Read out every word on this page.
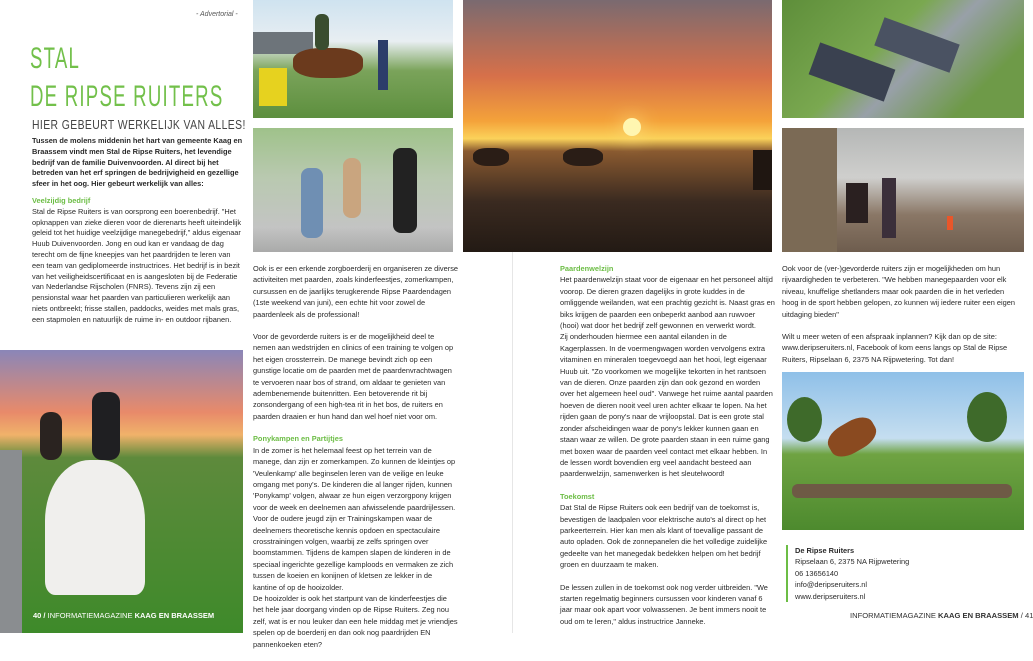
- Advertorial -
STAL
DE RIPSE RUITERS
HIER GEBEURT WERKELIJK VAN ALLES!

Tussen de molens middenin het hart van gemeente Kaag en Braassem vindt men Stal de Ripse Ruiters, het levendige bedrijf van de familie Duivenvoorden. Al direct bij het betreden van het erf springen de bedrijvigheid en gezellige sfeer in het oog. Hier gebeurt werkelijk van alles:

Veelzijdig bedrijf

Stal de Ripse Ruiters is van oorsprong een boerenbedrijf. "Het opknappen van zieke dieren voor de dierenarts heeft uiteindelijk geleid tot het huidige veelzijdige manegebedrijf," aldus eigenaar Huub Duivenvoorden. Jong en oud kan er vandaag de dag terecht om de fijne kneepjes van het paardrijden te leren van een team van gediplomeerde instructrices. Het bedrijf is in bezit van het veiligheidscertificaat en is aangesloten bij de Federatie van Nederlandse Rijscholen (FNRS). Tevens zijn zij een pensionstal waar het paarden van particulieren werkelijk aan niets ontbreekt; frisse stallen, paddocks, weides met mals gras, een stapmolen en natuurlijk de ruime in- en outdoor rijbanen.

Ook is er een erkende zorgboerderij en organiseren ze diverse activiteiten met paarden, zoals kinderfeestjes, zomerkampen, cursussen en de jaarlijks terugkerende Ripse Paardendagen (1ste weekend van juni), een echte hit voor zowel de paardenleek als de professional!

Voor de gevorderde ruiters is er de mogelijkheid deel te nemen aan wedstrijden en clinics of een training te volgen op het eigen crossterrein. De manege bevindt zich op een gunstige locatie om de paarden met de paardenvrachtwagen te vervoeren naar bos of strand, om aldaar te genieten van adembenemende buitenritten. Een betoverende rit bij zonsondergang of een high-tea rit in het bos, de ruiters en paarden draaien er hun hand dan wel hoef niet voor om.

Ponykampen en Partijtjes

In de zomer is het helemaal feest op het terrein van de manege, dan zijn er zomerkampen. Zo kunnen de kleintjes op 'Veulenkamp' alle beginselen leren van de veilige en leuke omgang met pony's. De kinderen die al langer rijden, kunnen 'Ponykamp' volgen, alwaar ze hun eigen verzorgpony krijgen voor de week en deelnemen aan afwisselende paardrijlessen. Voor de oudere jeugd zijn er Trainingskampen waar de deelnemers theoretische kennis opdoen en spectaculaire crosstrainingen volgen, waarbij ze zelfs springen over boomstammen. Tijdens de kampen slapen de kinderen in de speciaal ingerichte gezellige kamploods en vermaken ze zich tussen de koeien en konijnen of kletsen ze lekker in de kantine of op de hooizolder.

De hooizolder is ook het startpunt van de kinderfeestjes die het hele jaar doorgang vinden op de Ripse Ruiters. Zeg nou zelf, wat is er nou leuker dan een hele middag met je vriendjes spelen op de boerderij en dan ook nog paardrijden EN pannenkoeken eten?

40 / INFORMATIEMAGAZINE KAAG EN BRAASSEM
Paardenwelzijn

Het paardenwelzijn staat voor de eigenaar en het personeel altijd voorop. De dieren grazen dagelijks in grote kuddes in de omliggende weilanden, wat een prachtig gezicht is. Naast gras en biks krijgen de paarden een onbeperkt aanbod aan ruwvoer (hooi) wat door het bedrijf zelf gewonnen en verwerkt wordt.

Zij onderhouden hiermee een aantal eilanden in de Kagerplassen. In de voermengwagen worden vervolgens extra vitaminen en mineralen toegevoegd aan het hooi, legt eigenaar Huub uit. "Zo voorkomen we mogelijke tekorten in het rantsoen van de dieren. Onze paarden zijn dan ook gezond en worden over het algemeen heel oud". Vanwege het ruime aantal paarden hoeven de dieren nooit veel uren achter elkaar te lopen. Na het rijden gaan de pony's naar de vrijloopstal. Dat is een grote stal zonder afscheidingen waar de pony's lekker kunnen gaan en staan waar ze willen. De grote paarden staan in een ruime gang met boxen waar de paarden veel contact met elkaar hebben. In de lessen wordt bovendien erg veel aandacht besteed aan paardenwelzijn, samenwerken is het sleutelwoord!

Toekomst

Dat Stal de Ripse Ruiters ook een bedrijf van de toekomst is, bevestigen de laadpalen voor elektrische auto's al direct op het parkeerterrein. Hier kan men als klant of toevallige passant de auto opladen. Ook de zonnepanelen die het volledige zuidelijke gedeelte van het manegedak bedekken helpen om het bedrijf groen en duurzaam te maken.

De lessen zullen in de toekomst ook nog verder uitbreiden. "We starten regelmatig beginners cursussen voor kinderen vanaf 6 jaar maar ook apart voor volwassenen. Je bent immers nooit te oud om te leren," aldus instructrice Janneke.

Ook voor de (ver-)gevorderde ruiters zijn er mogelijkheden om hun rijvaardigheden te verbeteren. "We hebben manegepaarden voor elk niveau, knuffelige shetlanders maar ook paarden die in het verleden hoog in de sport hebben gelopen, zo kunnen wij iedere ruiter een eigen uitdaging bieden"

Wilt u meer weten of een afspraak inplannen? Kijk dan op de site: www.deripseruiters.nl, Facebook of kom eens langs op Stal de Ripse Ruiters, Ripselaan 6, 2375 NA Rijpwetering. Tot dan!

De Ripse Ruiters
Ripselaan 6, 2375 NA Rijpwetering
06 13656140
info@deripseruiters.nl
www.deripseruiters.nl
INFORMATIEMAGAZINE KAAG EN BRAASSEM / 41
